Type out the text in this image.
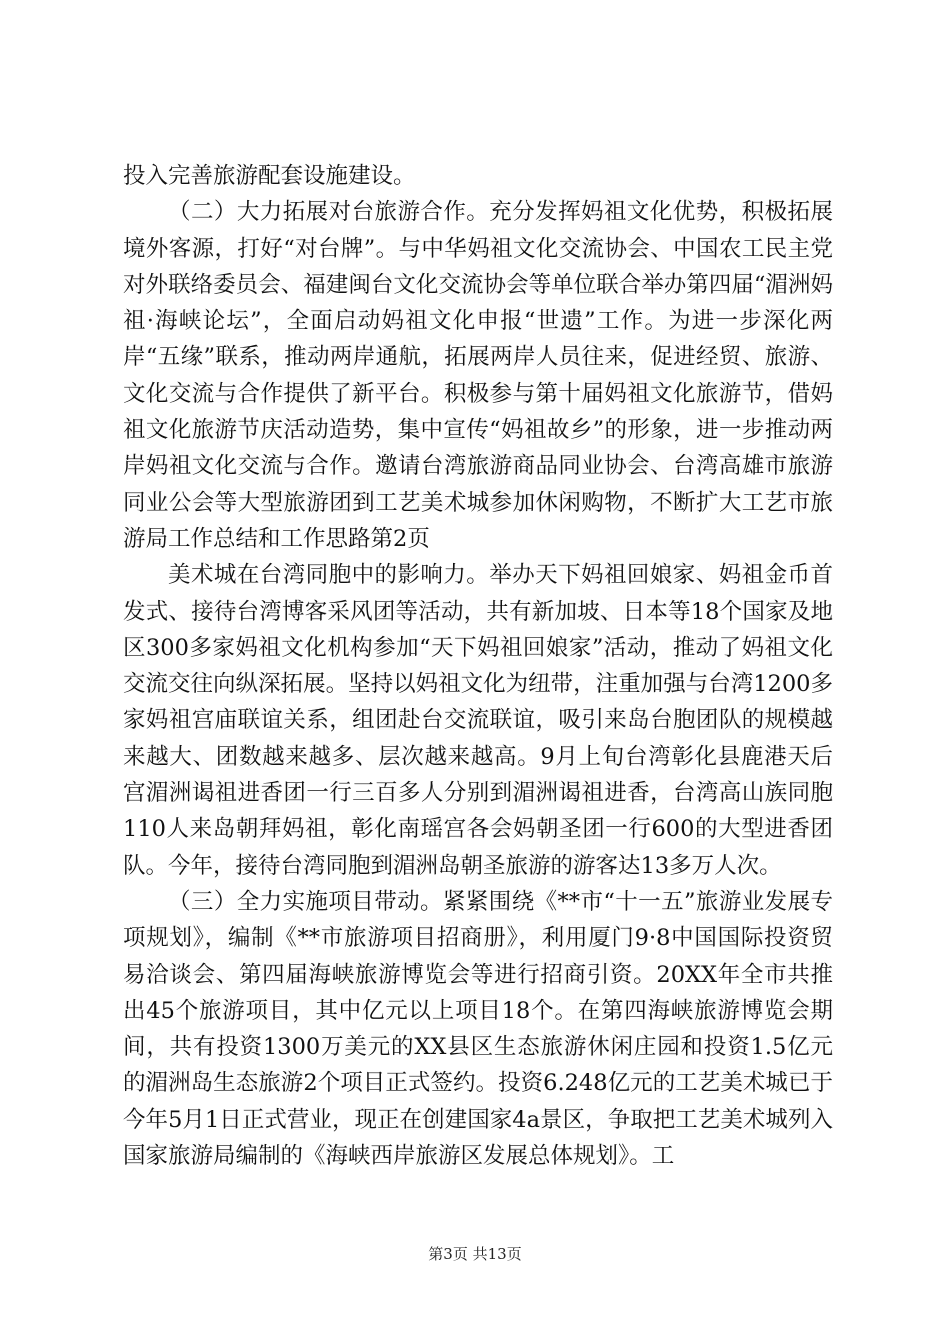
投入完善旅游配套设施建设。

（二）大力拓展对台旅游合作。充分发挥妈祖文化优势，积极拓展境外客源，打好“对台牌”。与中华妈祖文化交流协会、中国农工民主党对外联络委员会、福建闽台文化交流协会等单位联合举办第四届“湄洲妈祖·海峡论坛”，全面启动妈祖文化申报“世遗”工作。为进一步深化两岸“五缘”联系，推动两岸通航，拓展两岸人员往来，促进经贸、旅游、文化交流与合作提供了新平台。积极参与第十届妈祖文化旅游节，借妈祖文化旅游节庆活动造势，集中宣传“妈祖故乡”的形象，进一步推动两岸妈祖文化交流与合作。邀请台湾旅游商品同业协会、台湾高雄市旅游同业公会等大型旅游团到工艺美术城参加休闲购物，不断扩大工艺市旅游局工作总结和工作思路第2页

美术城在台湾同胞中的影响力。举办天下妈祖回娘家、妈祖金币首发式、接待台湾博客采风团等活动，共有新加坡、日本等18个国家及地区300多家妈祖文化机构参加“天下妈祖回娘家”活动，推动了妈祖文化交流交往向纵深拓展。坚持以妈祖文化为纽带，注重加强与台湾1200多家妈祖宫庙联谊关系，组团赴台交流联谊，吸引来岛台胞团队的规模越来越大、团数越来越多、层次越来越高。9月上旬台湾彰化县鹿港天后宫湄洲谒祖进香团一行三百多人分别到湄洲谒祖进香，台湾高山族同胞110人来岛朝拜妈祖，彰化南瑶宫各会妈朝圣团一行600的大型进香团队。今年，接待台湾同胞到湄洲岛朝圣旅游的游客达13多万人次。

（三）全力实施项目带动。紧紧围绕《**市“十一五”旅游业发展专项规划》，编制《**市旅游项目招商册》，利用厦门9·8中国国际投资贸易洽谈会、第四届海峡旅游博览会等进行招商引资。20XX年全市共推出45个旅游项目，其中亿元以上项目18个。在第四海峡旅游博览会期间，共有投资1300万美元的XX县区生态旅游休闲庄园和投资1.5亿元的湄洲岛生态旅游2个项目正式签约。投资6.248亿元的工艺美术城已于今年5月1日正式营业，现正在创建国家4a景区，争取把工艺美术城列入国家旅游局编制的《海峡西岸旅游区发展总体规划》。工

第3页 共13页
